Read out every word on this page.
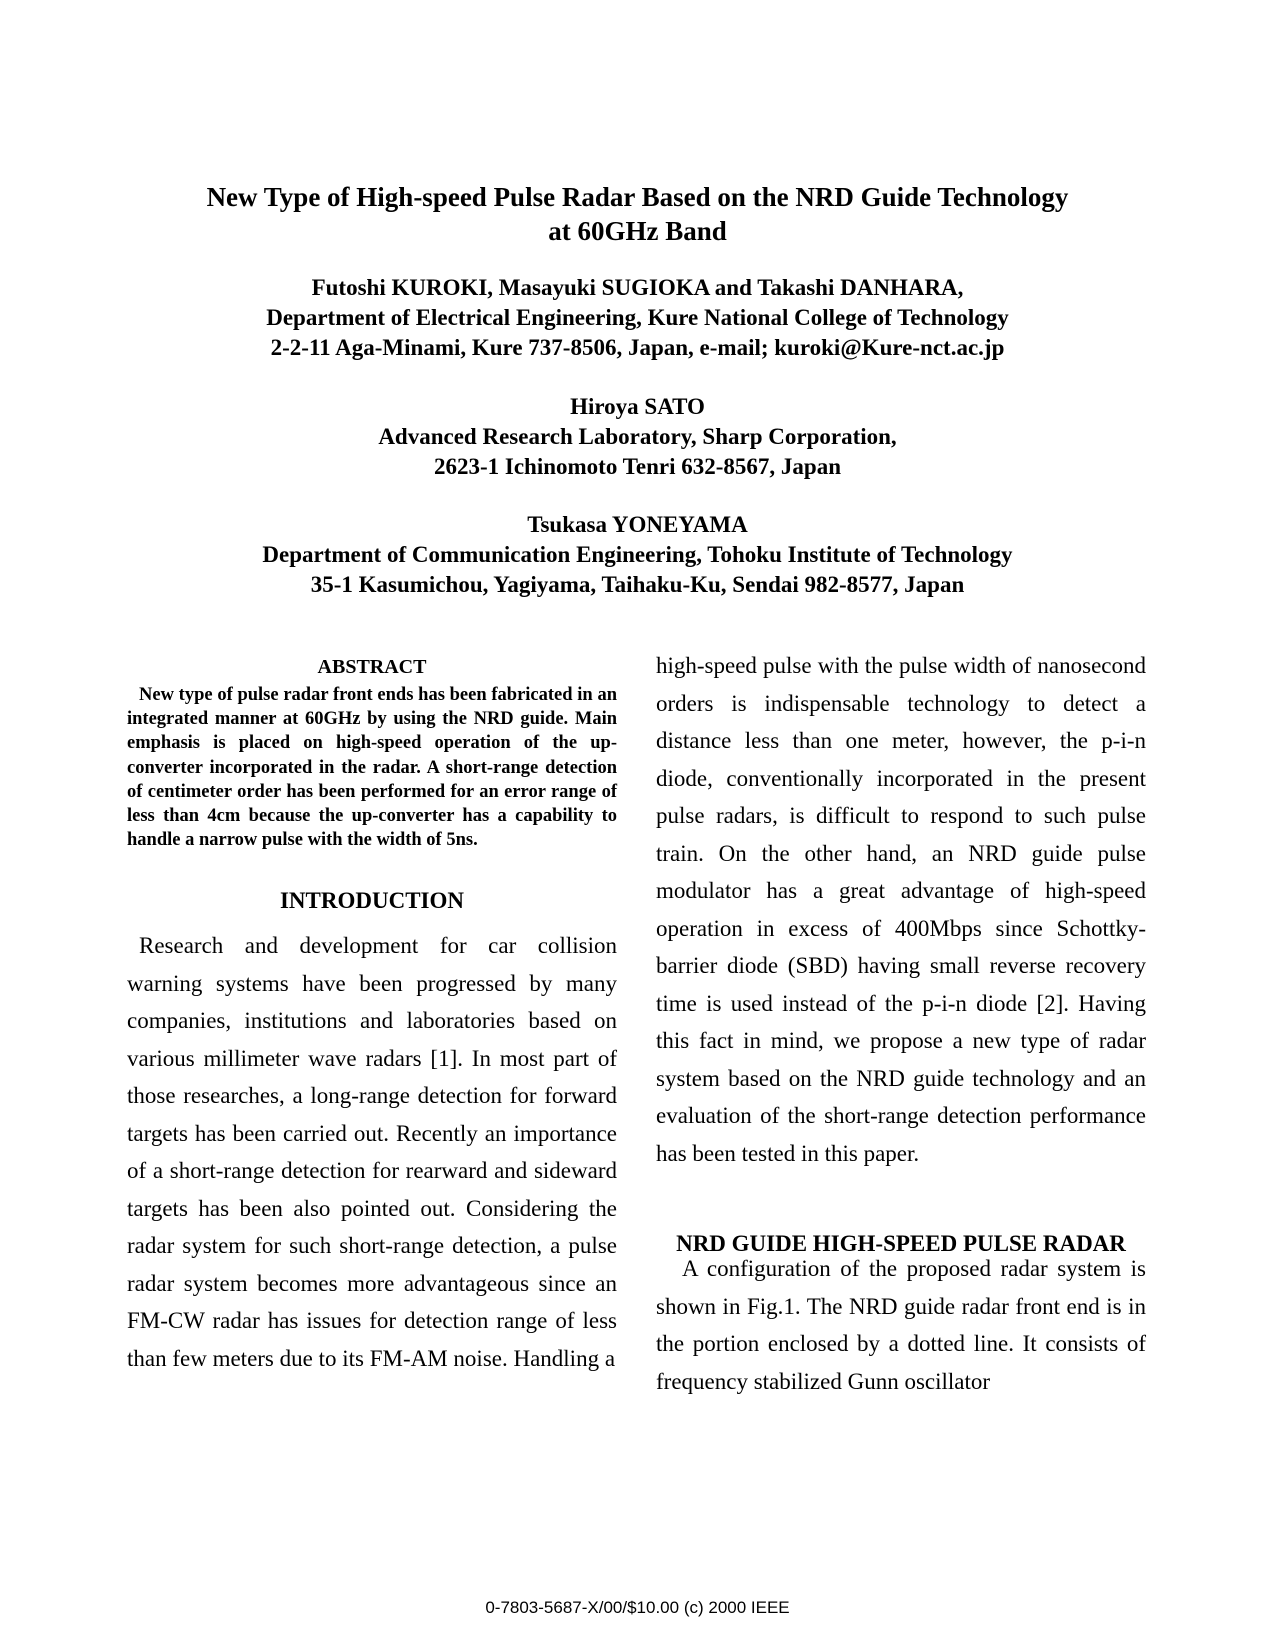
New Type of High-speed Pulse Radar Based on the NRD Guide Technology
at 60GHz Band
Futoshi KUROKI, Masayuki SUGIOKA and Takashi DANHARA,
Department of Electrical Engineering, Kure National College of Technology
2-2-11 Aga-Minami, Kure 737-8506, Japan, e-mail; kuroki@Kure-nct.ac.jp
Hiroya SATO
Advanced Research Laboratory, Sharp Corporation,
2623-1 Ichinomoto Tenri 632-8567, Japan
Tsukasa YONEYAMA
Department of Communication Engineering, Tohoku Institute of Technology
35-1 Kasumichou, Yagiyama, Taihaku-Ku, Sendai 982-8577, Japan

ABSTRACT

New type of pulse radar front ends has been fabricated in an integrated manner at 60GHz by using the NRD guide. Main emphasis is placed on high-speed operation of the up-converter incorporated in the radar. A short-range detection of centimeter order has been performed for an error range of less than 4cm because the up-converter has a capability to handle a narrow pulse with the width of 5ns.

INTRODUCTION

Research and development for car collision warning systems have been progressed by many companies, institutions and laboratories based on various millimeter wave radars [1]. In most part of those researches, a long-range detection for forward targets has been carried out. Recently an importance of a short-range detection for rearward and sideward targets has been also pointed out. Considering the radar system for such short-range detection, a pulse radar system becomes more advantageous since an FM-CW radar has issues for detection range of less than few meters due to its FM-AM noise. Handling a

high-speed pulse with the pulse width of nanosecond orders is indispensable technology to detect a distance less than one meter, however, the p-i-n diode, conventionally incorporated in the present pulse radars, is difficult to respond to such pulse train. On the other hand, an NRD guide pulse modulator has a great advantage of high-speed operation in excess of 400Mbps since Schottky-barrier diode (SBD) having small reverse recovery time is used instead of the p-i-n diode [2]. Having this fact in mind, we propose a new type of radar system based on the NRD guide technology and an evaluation of the short-range detection performance has been tested in this paper.

NRD GUIDE HIGH-SPEED PULSE RADAR

A configuration of the proposed radar system is shown in Fig.1. The NRD guide radar front end is in the portion enclosed by a dotted line. It consists of frequency stabilized Gunn oscillator

0-7803-5687-X/00/$10.00 (c) 2000 IEEE
